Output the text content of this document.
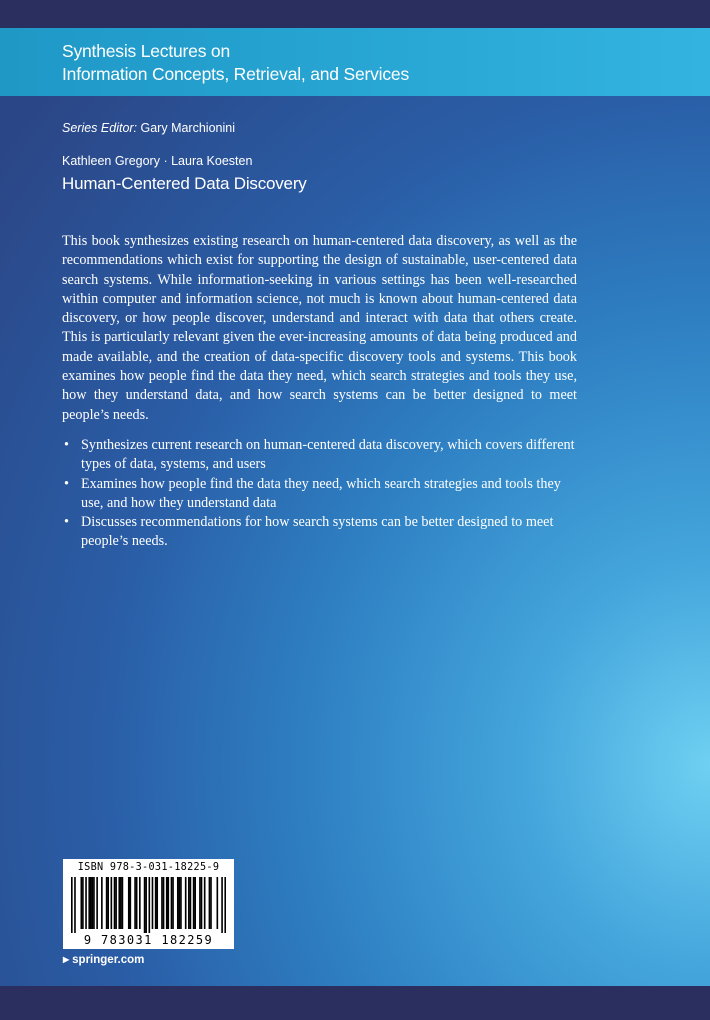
Synthesis Lectures on
Information Concepts, Retrieval, and Services
Series Editor: Gary Marchionini
Kathleen Gregory · Laura Koesten
Human-Centered Data Discovery

This book synthesizes existing research on human-centered data discovery, as well as the recommendations which exist for supporting the design of sustainable, user-centered data search systems. While information-seeking in various settings has been well-researched within computer and information science, not much is known about human-centered data discovery, or how people discover, understand and interact with data that others create. This is particularly relevant given the ever-increasing amounts of data being produced and made available, and the creation of data-specific discovery tools and systems. This book examines how people find the data they need, which search strategies and tools they use, how they understand data, and how search systems can be better designed to meet people’s needs.

• Synthesizes current research on human-centered data discovery, which covers different types of data, systems, and users
• Examines how people find the data they need, which search strategies and tools they use, and how they understand data
• Discusses recommendations for how search systems can be better designed to meet people’s needs.
ISBN 978-3-031-18225-9
9 783031 182259
▶ springer.com
